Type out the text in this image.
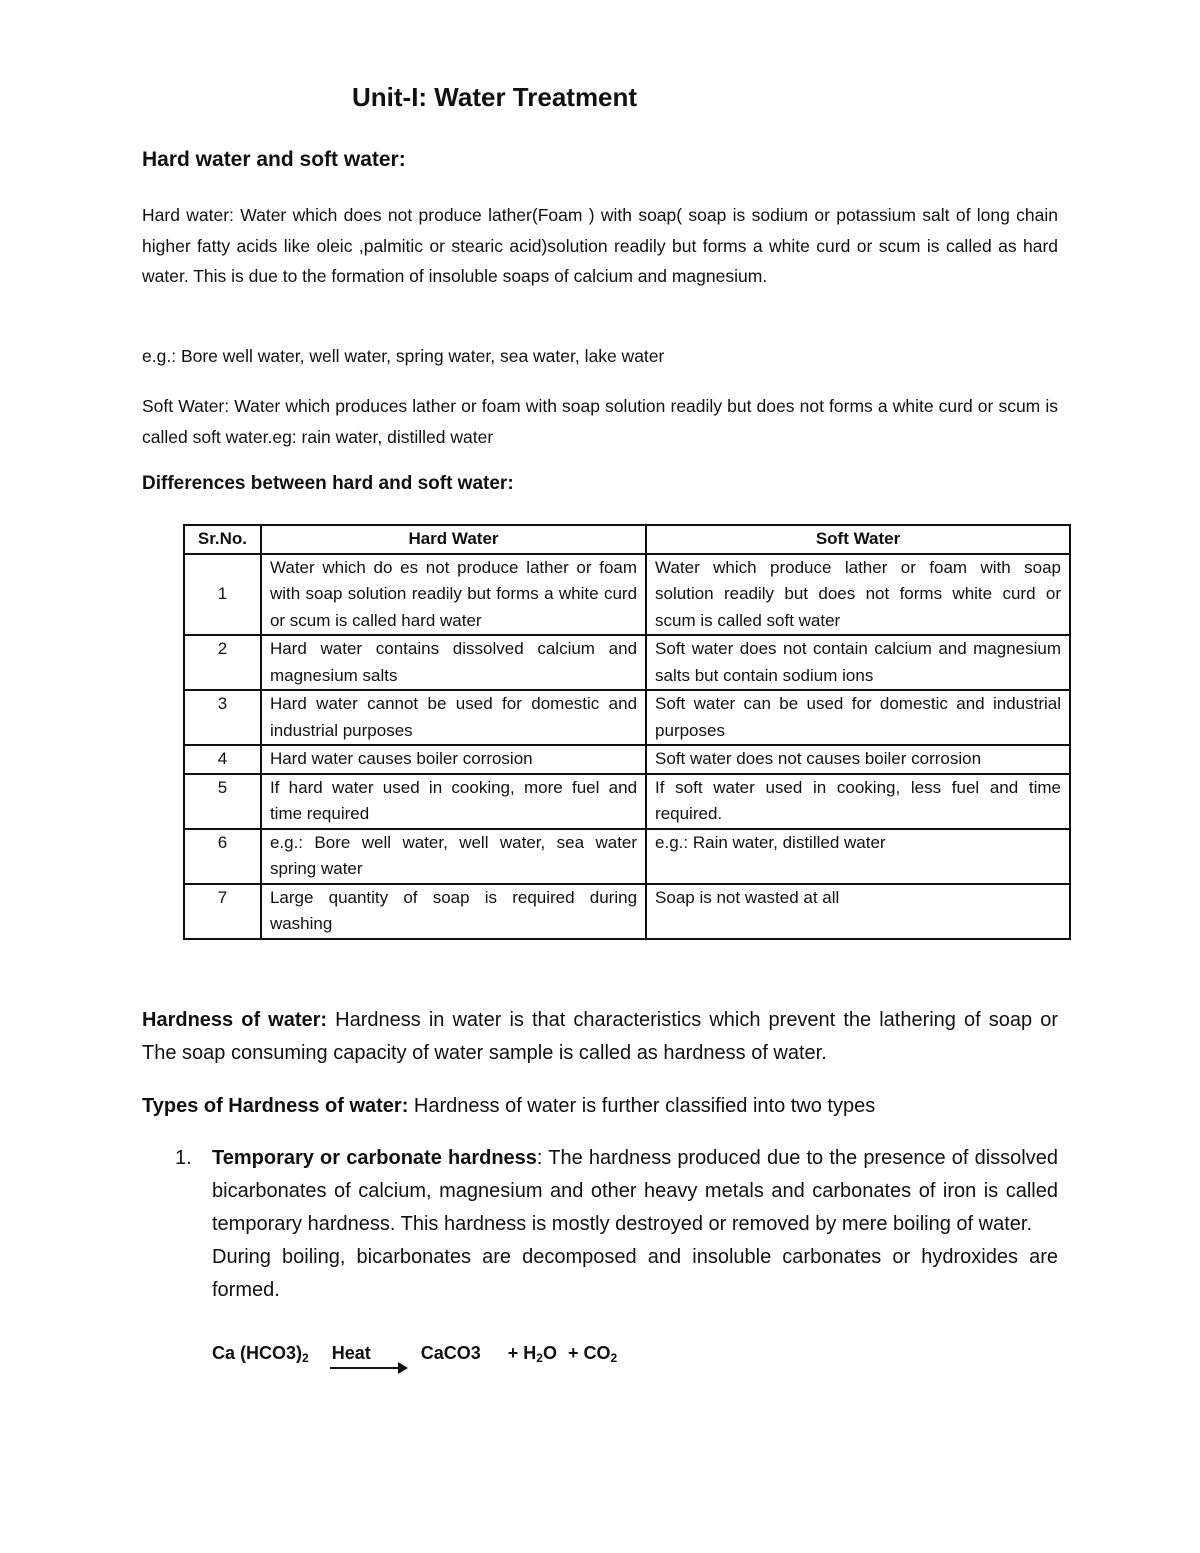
Unit-I: Water Treatment
Hard water and soft water:
Hard water: Water which does not produce lather(Foam ) with soap( soap is sodium or potassium salt of long chain higher fatty acids like oleic ,palmitic or stearic acid)solution readily but forms a white curd or scum is called as hard water. This is due to the formation of insoluble soaps of calcium and magnesium.
e.g.: Bore well water, well water, spring water, sea water, lake water
Soft Water: Water which produces lather or foam with soap solution readily but does not forms a white curd or scum is called soft water.eg: rain water, distilled water
Differences between hard and soft water:
Sr.No.	Hard Water	Soft Water
1	Water which do es not produce lather or foam with soap solution readily but forms a white curd or scum is called hard water	Water which produce lather or foam with soap solution readily but does not forms white curd or scum is called soft water
2	Hard water contains dissolved calcium and magnesium salts	Soft water does not contain calcium and magnesium salts but contain sodium ions
3	Hard water cannot be used for domestic and industrial purposes	Soft water can be used for domestic and industrial purposes
4	Hard water causes boiler corrosion	Soft water does not causes boiler corrosion
5	If hard water used in cooking, more fuel and time required	If soft water used in cooking, less fuel and time required.
6	e.g.: Bore well water, well water, sea water spring water	e.g.: Rain water, distilled water
7	Large quantity of soap is required during washing	Soap is not wasted at all
Hardness of water: Hardness in water is that characteristics which prevent the lathering of soap or The soap consuming capacity of water sample is called as hardness of water.
Types of Hardness of water: Hardness of water is further classified into two types
1. Temporary or carbonate hardness: The hardness produced due to the presence of dissolved bicarbonates of calcium, magnesium and other heavy metals and carbonates of iron is called temporary hardness. This hardness is mostly destroyed or removed by mere boiling of water.
During boiling, bicarbonates are decomposed and insoluble carbonates or hydroxides are formed.
Ca (HCO3)2 Heat	CaCO3 + H2O + CO2
